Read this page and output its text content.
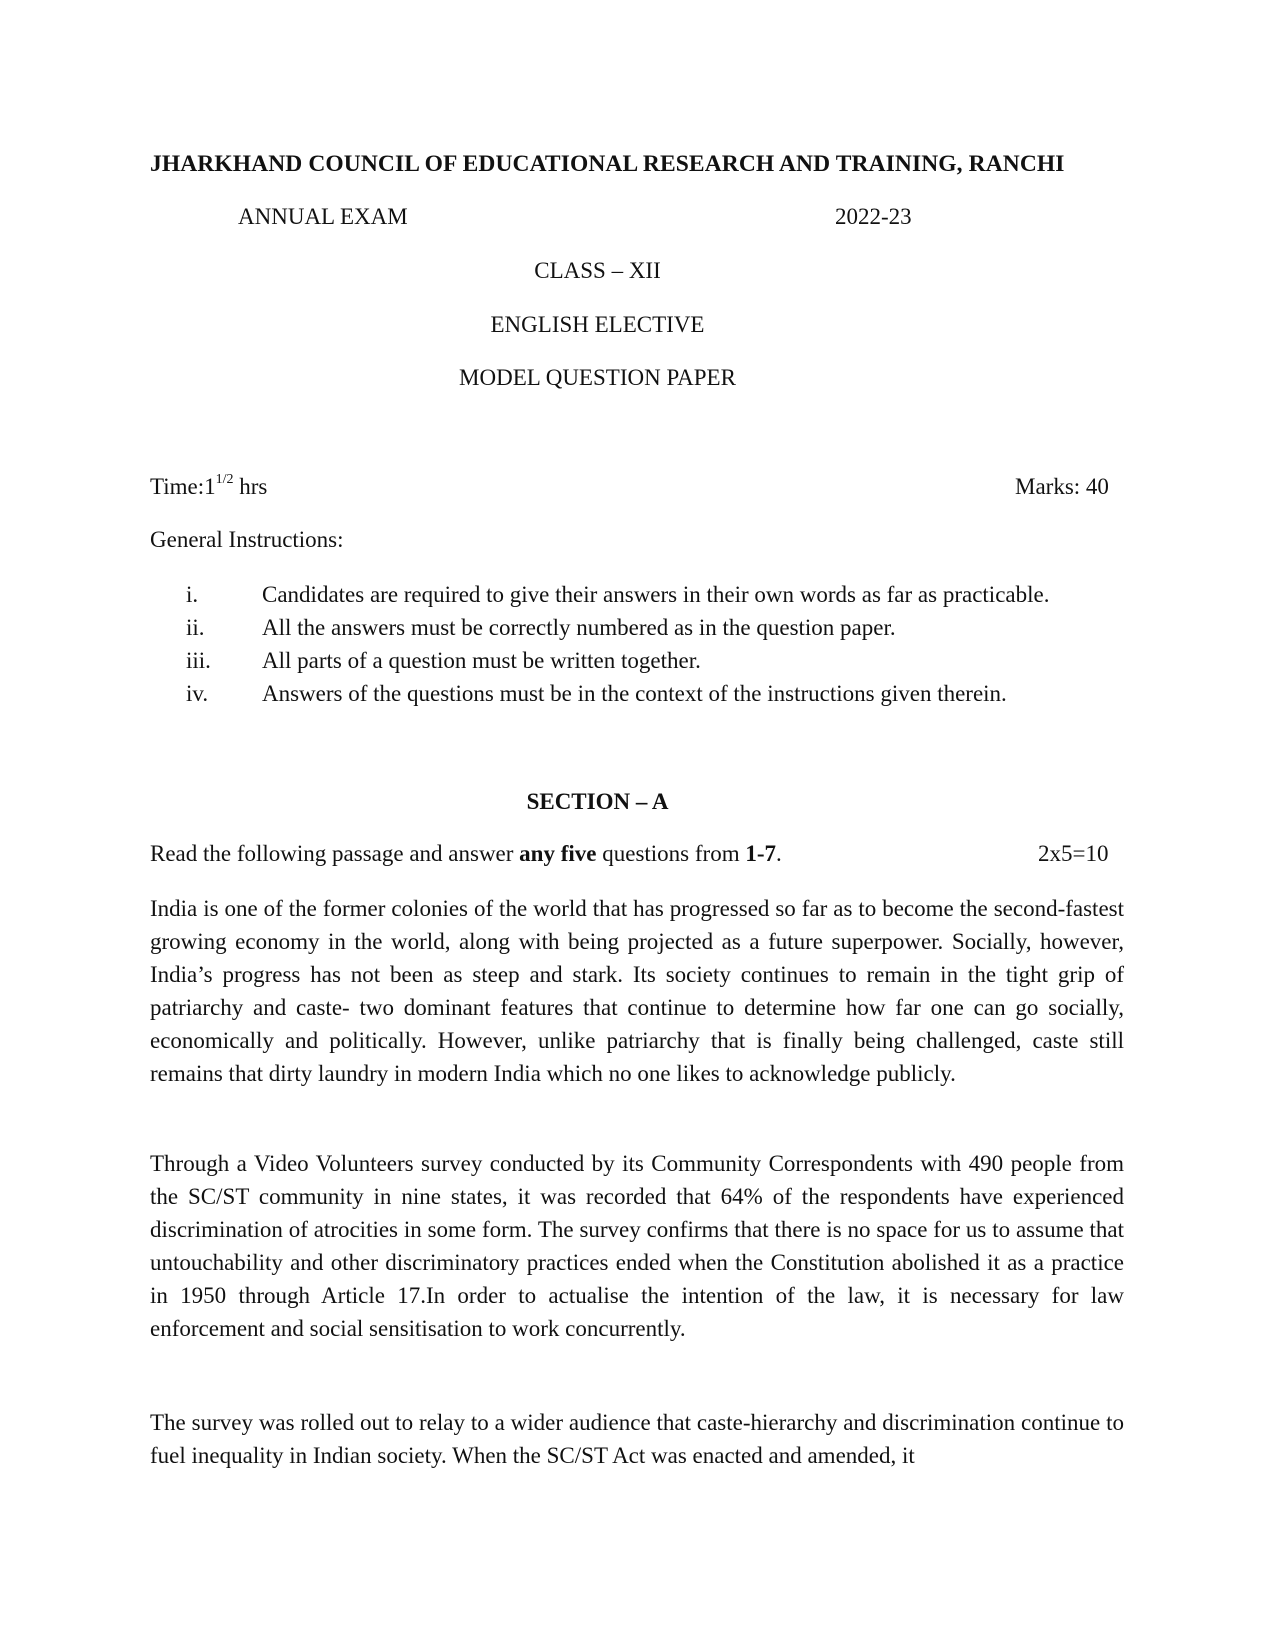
JHARKHAND COUNCIL OF EDUCATIONAL RESEARCH AND TRAINING, RANCHI
ANNUAL EXAM	2022-23
CLASS – XII
ENGLISH ELECTIVE
MODEL QUESTION PAPER
$Time:1^{1/2}$ hrs	Marks: 40
General Instructions:
i.	Candidates are required to give their answers in their own words as far as practicable.
ii.	All the answers must be correctly numbered as in the question paper.
iii.	All parts of a question must be written together.
iv.	Answers of the questions must be in the context of the instructions given therein.
SECTION – A
Read the following passage and answer any five questions from 1-7.	2x5=10

India is one of the former colonies of the world that has progressed so far as to become the second-fastest growing economy in the world, along with being projected as a future superpower. Socially, however, India’s progress has not been as steep and stark. Its society continues to remain in the tight grip of patriarchy and caste- two dominant features that continue to determine how far one can go socially, economically and politically. However, unlike patriarchy that is finally being challenged, caste still remains that dirty laundry in modern India which no one likes to acknowledge publicly.

Through a Video Volunteers survey conducted by its Community Correspondents with 490 people from the SC/ST community in nine states, it was recorded that 64% of the respondents have experienced discrimination of atrocities in some form. The survey confirms that there is no space for us to assume that untouchability and other discriminatory practices ended when the Constitution abolished it as a practice in 1950 through Article 17.In order to actualise the intention of the law, it is necessary for law enforcement and social sensitisation to work concurrently.

The survey was rolled out to relay to a wider audience that caste-hierarchy and discrimination continue to fuel inequality in Indian society. When the SC/ST Act was enacted and amended, it
